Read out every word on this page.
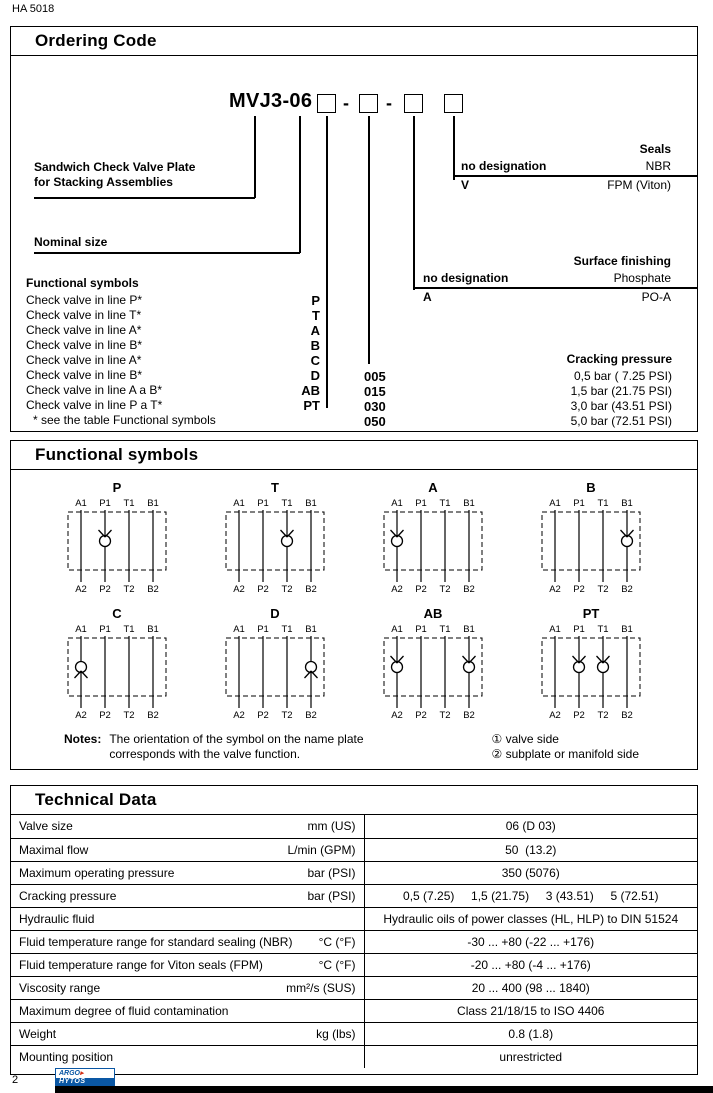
HA 5018
Ordering Code
MVJ3-06 - -
Sandwich Check Valve Plate
for Stacking Assemblies
Nominal size
Functional symbols
Check valve in line P*	P
Check valve in line T*	T
Check valve in line A*	A
Check valve in line B*	B
Check valve in line A*	C
Check valve in line B*	D
Check valve in line A a B*	AB
Check valve in line P a T*	PT
* see the table Functional symbols
Cracking pressure
005	0,5 bar ( 7.25 PSI)
015	1,5 bar (21.75 PSI)
030	3,0 bar (43.51 PSI)
050	5,0 bar (72.51 PSI)
Surface finishing
no designation	Phosphate
A	PO-A
Seals
no designation	NBR
V	FPM (Viton)
Functional symbols
P
A1 P1 T1 B1
A2 P2 T2 B2
T
A1 P1 T1 B1
A2 P2 T2 B2
A
A1 P1 T1 B1
A2 P2 T2 B2
B
A1 P1 T1 B1
A2 P2 T2 B2
C
A1 P1 T1 B1
A2 P2 T2 B2
D
A1 P1 T1 B1
A2 P2 T2 B2
AB
A1 P1 T1 B1
A2 P2 T2 B2
PT
A1 P1 T1 B1
A2 P2 T2 B2
Notes: The orientation of the symbol on the name plate
corresponds with the valve function.
① valve side
② subplate or manifold side
Technical Data
Valve size mm (US)	06 (D 03)

Maximal flow L/min (GPM)	50  (13.2)

Maximum operating pressure bar (PSI)	350 (5076)

Cracking pressure bar (PSI)	0,5 (7.25)     1,5 (21.75)     3 (43.51)     5 (72.51)

Hydraulic fluid	Hydraulic oils of power classes (HL, HLP) to DIN 51524

Fluid temperature range for standard sealing (NBR) °C (°F)	-30 ... +80 (-22 ... +176)

Fluid temperature range for Viton seals (FPM) °C (°F)	-20 ... +80 (-4 ... +176)

Viscosity range mm²/s (SUS)	20 ... 400 (98 ... 1840)

Maximum degree of fluid contamination	Class 21/18/15 to ISO 4406

Weight kg (lbs)	0.8 (1.8)

Mounting position	unrestricted
2
ARGO▸
HYTOS
